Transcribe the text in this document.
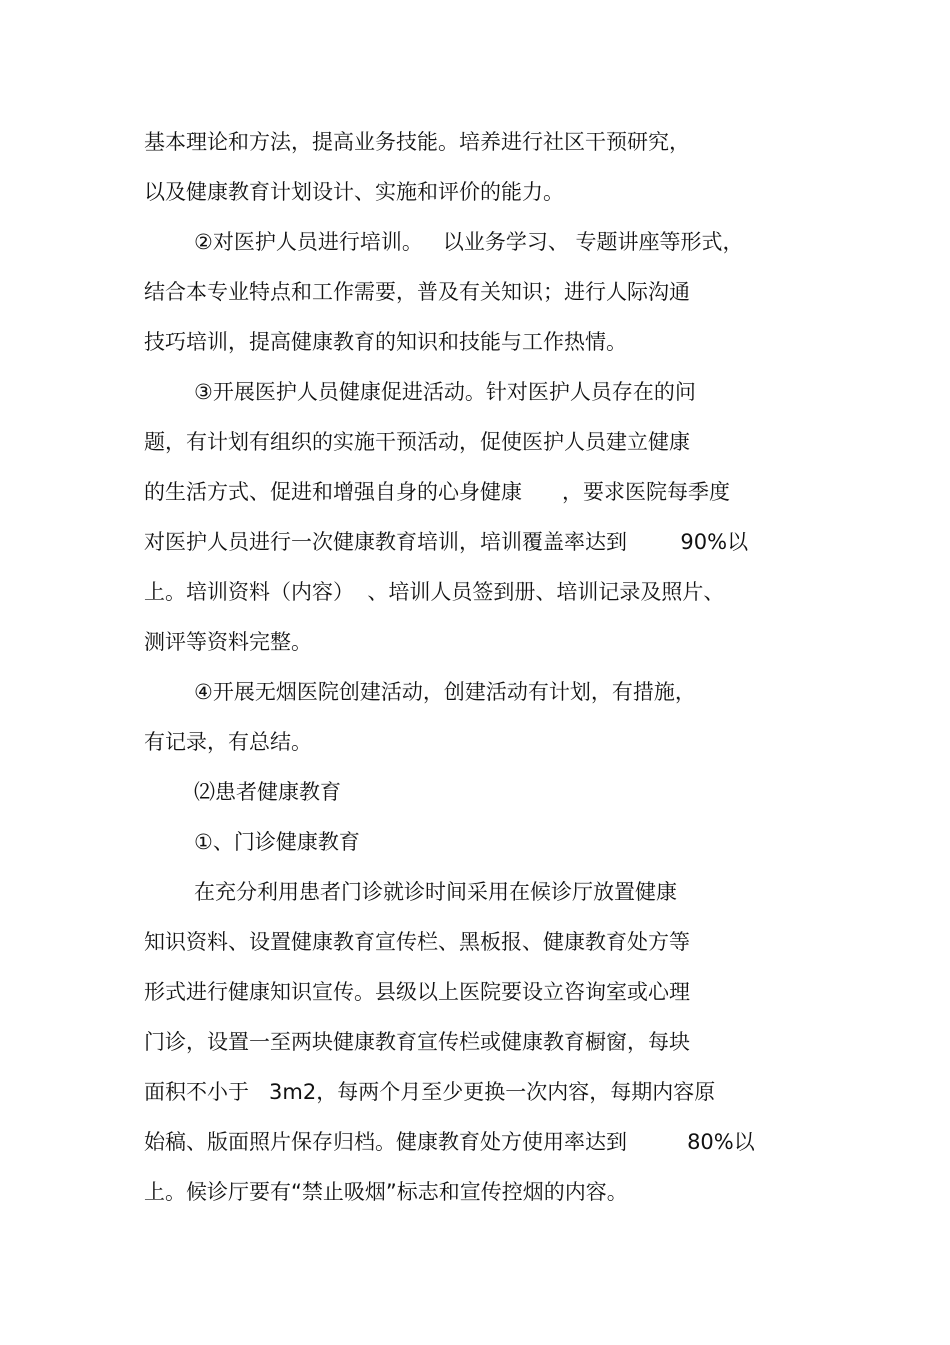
基本理论和方法，提高业务技能。培养进行社区干预研究，
以及健康教育计划设计、实施和评价的能力。
②对医护人员进行培训。   以业务学习、 专题讲座等形式，
结合本专业特点和工作需要，普及有关知识；进行人际沟通
技巧培训，提高健康教育的知识和技能与工作热情。
③开展医护人员健康促进活动。针对医护人员存在的问
题，有计划有组织的实施干预活动，促使医护人员建立健康
的生活方式、促进和增强自身的心身健康      ，要求医院每季度
对医护人员进行一次健康教育培训，培训覆盖率达到        90%以
上。培训资料（内容）  、培训人员签到册、培训记录及照片、
测评等资料完整。
④开展无烟医院创建活动，创建活动有计划，有措施，
有记录，有总结。
⑵患者健康教育
①、门诊健康教育
在充分利用患者门诊就诊时间采用在候诊厅放置健康
知识资料、设置健康教育宣传栏、黑板报、健康教育处方等
形式进行健康知识宣传。县级以上医院要设立咨询室或心理
门诊，设置一至两块健康教育宣传栏或健康教育橱窗，每块
面积不小于   3m2，每两个月至少更换一次内容，每期内容原
始稿、版面照片保存归档。健康教育处方使用率达到         80%以
上。候诊厅要有“禁止吸烟”标志和宣传控烟的内容。
